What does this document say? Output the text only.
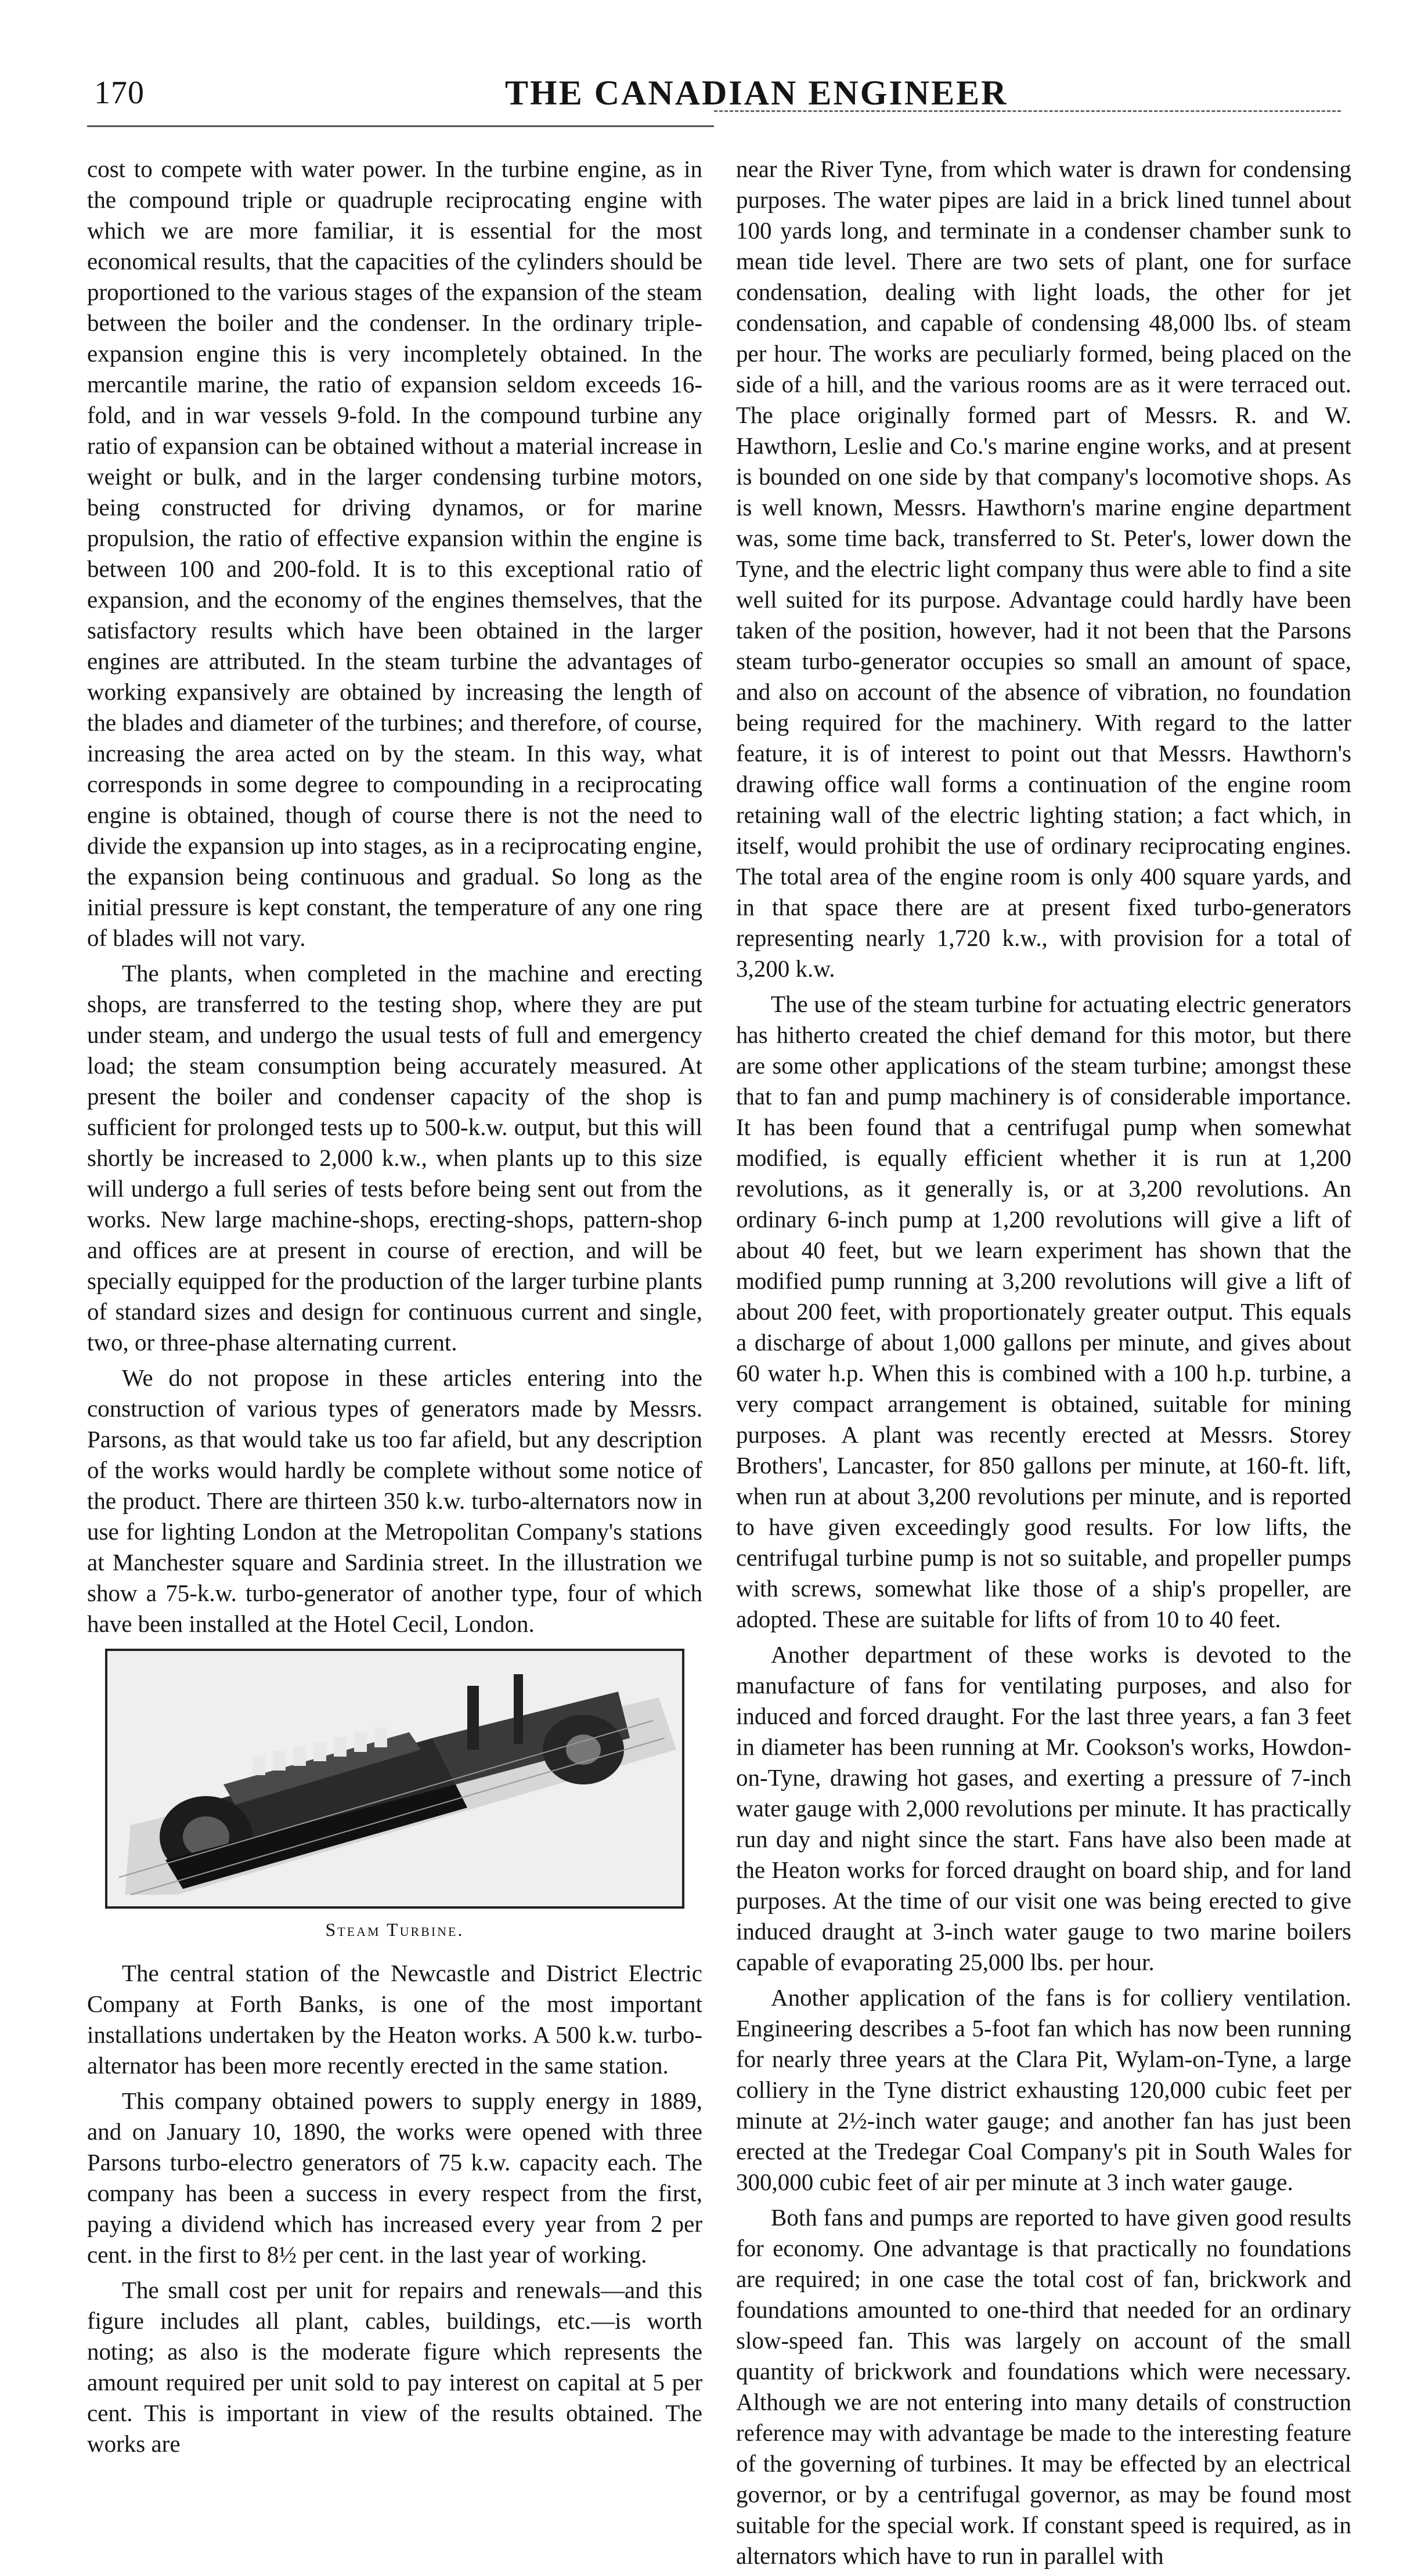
170	THE CANADIAN ENGINEER

cost to compete with water power. In the turbine engine, as in the compound triple or quadruple reciprocating engine with which we are more familiar, it is essential for the most economical results, that the capacities of the cylinders should be proportioned to the various stages of the expansion of the steam between the boiler and the condenser. In the ordinary triple-expansion engine this is very incompletely obtained. In the mercantile marine, the ratio of expansion seldom exceeds 16-fold, and in war vessels 9-fold. In the compound turbine any ratio of expansion can be obtained without a material increase in weight or bulk, and in the larger condensing turbine motors, being constructed for driving dynamos, or for marine propulsion, the ratio of effective expansion within the engine is between 100 and 200-fold. It is to this exceptional ratio of expansion, and the economy of the engines themselves, that the satisfactory results which have been obtained in the larger engines are attributed. In the steam turbine the advantages of working expansively are obtained by increasing the length of the blades and diameter of the turbines; and therefore, of course, increasing the area acted on by the steam. In this way, what corresponds in some degree to compounding in a reciprocating engine is obtained, though of course there is not the need to divide the expansion up into stages, as in a reciprocating engine, the expansion being continuous and gradual. So long as the initial pressure is kept constant, the temperature of any one ring of blades will not vary.

The plants, when completed in the machine and erecting shops, are transferred to the testing shop, where they are put under steam, and undergo the usual tests of full and emergency load; the steam consumption being accurately measured. At present the boiler and condenser capacity of the shop is sufficient for prolonged tests up to 500-k.w. output, but this will shortly be increased to 2,000 k.w., when plants up to this size will undergo a full series of tests before being sent out from the works. New large machine-shops, erecting-shops, pattern-shop and offices are at present in course of erection, and will be specially equipped for the production of the larger turbine plants of standard sizes and design for continuous current and single, two, or three-phase alternating current.

We do not propose in these articles entering into the construction of various types of generators made by Messrs. Parsons, as that would take us too far afield, but any description of the works would hardly be complete without some notice of the product. There are thirteen 350 k.w. turbo-alternators now in use for lighting London at the Metropolitan Company's stations at Manchester square and Sardinia street. In the illustration we show a 75-k.w. turbo-generator of another type, four of which have been installed at the Hotel Cecil, London.

Steam Turbine.

The central station of the Newcastle and District Electric Company at Forth Banks, is one of the most important installations undertaken by the Heaton works. A 500 k.w. turbo-alternator has been more recently erected in the same station.

This company obtained powers to supply energy in 1889, and on January 10, 1890, the works were opened with three Parsons turbo-electro generators of 75 k.w. capacity each. The company has been a success in every respect from the first, paying a dividend which has increased every year from 2 per cent. in the first to 8½ per cent. in the last year of working.

The small cost per unit for repairs and renewals—and this figure includes all plant, cables, buildings, etc.—is worth noting; as also is the moderate figure which represents the amount required per unit sold to pay interest on capital at 5 per cent. This is important in view of the results obtained. The works are

near the River Tyne, from which water is drawn for condensing purposes. The water pipes are laid in a brick lined tunnel about 100 yards long, and terminate in a condenser chamber sunk to mean tide level. There are two sets of plant, one for surface condensation, dealing with light loads, the other for jet condensation, and capable of condensing 48,000 lbs. of steam per hour. The works are peculiarly formed, being placed on the side of a hill, and the various rooms are as it were terraced out. The place originally formed part of Messrs. R. and W. Hawthorn, Leslie and Co.'s marine engine works, and at present is bounded on one side by that company's locomotive shops. As is well known, Messrs. Hawthorn's marine engine department was, some time back, transferred to St. Peter's, lower down the Tyne, and the electric light company thus were able to find a site well suited for its purpose. Advantage could hardly have been taken of the position, however, had it not been that the Parsons steam turbo-generator occupies so small an amount of space, and also on account of the absence of vibration, no foundation being required for the machinery. With regard to the latter feature, it is of interest to point out that Messrs. Hawthorn's drawing office wall forms a continuation of the engine room retaining wall of the electric lighting station; a fact which, in itself, would prohibit the use of ordinary reciprocating engines. The total area of the engine room is only 400 square yards, and in that space there are at present fixed turbo-generators representing nearly 1,720 k.w., with provision for a total of 3,200 k.w.

The use of the steam turbine for actuating electric generators has hitherto created the chief demand for this motor, but there are some other applications of the steam turbine; amongst these that to fan and pump machinery is of considerable importance. It has been found that a centrifugal pump when somewhat modified, is equally efficient whether it is run at 1,200 revolutions, as it generally is, or at 3,200 revolutions. An ordinary 6-inch pump at 1,200 revolutions will give a lift of about 40 feet, but we learn experiment has shown that the modified pump running at 3,200 revolutions will give a lift of about 200 feet, with proportionately greater output. This equals a discharge of about 1,000 gallons per minute, and gives about 60 water h.p. When this is combined with a 100 h.p. turbine, a very compact arrangement is obtained, suitable for mining purposes. A plant was recently erected at Messrs. Storey Brothers', Lancaster, for 850 gallons per minute, at 160-ft. lift, when run at about 3,200 revolutions per minute, and is reported to have given exceedingly good results. For low lifts, the centrifugal turbine pump is not so suitable, and propeller pumps with screws, somewhat like those of a ship's propeller, are adopted. These are suitable for lifts of from 10 to 40 feet.

Another department of these works is devoted to the manufacture of fans for ventilating purposes, and also for induced and forced draught. For the last three years, a fan 3 feet in diameter has been running at Mr. Cookson's works, Howdon-on-Tyne, drawing hot gases, and exerting a pressure of 7-inch water gauge with 2,000 revolutions per minute. It has practically run day and night since the start. Fans have also been made at the Heaton works for forced draught on board ship, and for land purposes. At the time of our visit one was being erected to give induced draught at 3-inch water gauge to two marine boilers capable of evaporating 25,000 lbs. per hour.

Another application of the fans is for colliery ventilation. Engineering describes a 5-foot fan which has now been running for nearly three years at the Clara Pit, Wylam-on-Tyne, a large colliery in the Tyne district exhausting 120,000 cubic feet per minute at 2½-inch water gauge; and another fan has just been erected at the Tredegar Coal Company's pit in South Wales for 300,000 cubic feet of air per minute at 3 inch water gauge.

Both fans and pumps are reported to have given good results for economy. One advantage is that practically no foundations are required; in one case the total cost of fan, brickwork and foundations amounted to one-third that needed for an ordinary slow-speed fan. This was largely on account of the small quantity of brickwork and foundations which were necessary. Although we are not entering into many details of construction reference may with advantage be made to the interesting feature of the governing of turbines. It may be effected by an electrical governor, or by a centrifugal governor, as may be found most suitable for the special work. If constant speed is required, as in alternators which have to run in parallel with
